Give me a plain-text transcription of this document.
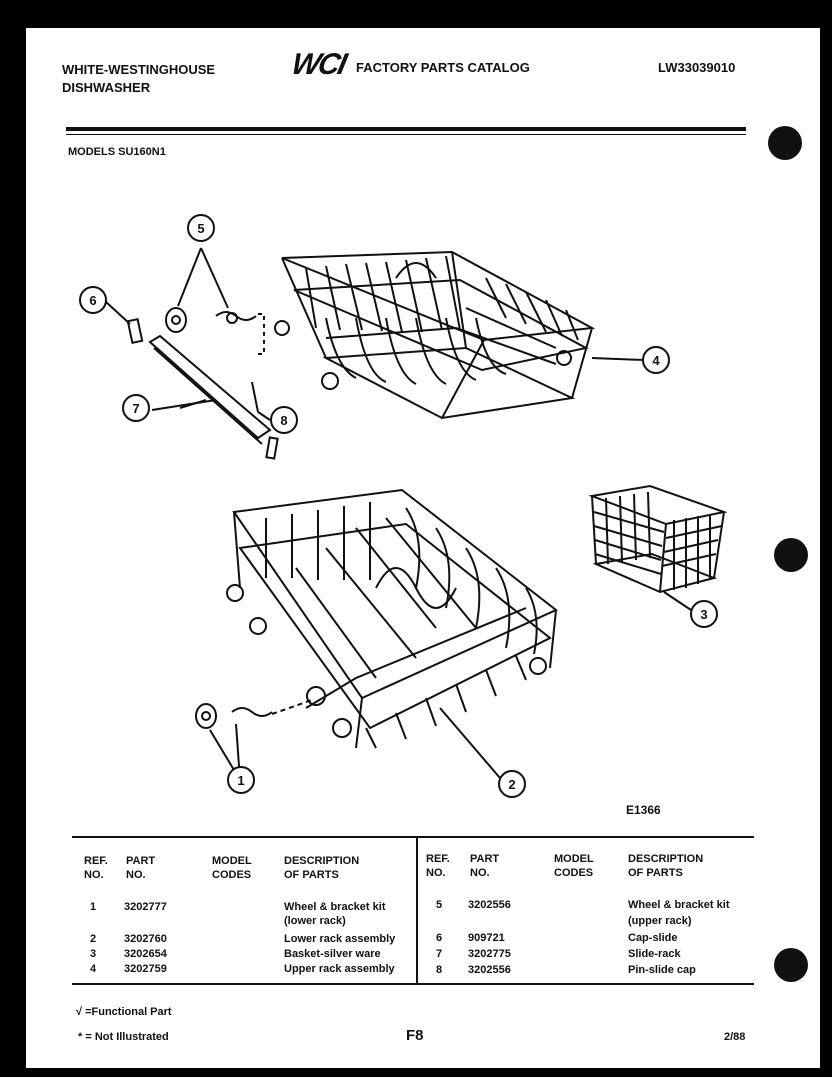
WHITE-WESTINGHOUSE
DISHWASHER
WCI FACTORY PARTS CATALOG	LW33039010
MODELS SU160N1
5
6
4
7
8
3
1	2
E1366
REF.
NO.
PART
NO.
MODEL
CODES
DESCRIPTION
OF PARTS
REF.
NO.
PART
NO.
MODEL
CODES
DESCRIPTION
OF PARTS
1	3202777	Wheel & bracket kit
(lower rack)
2	3202760	Lower rack assembly
3	3202654	Basket-silver ware
4	3202759	Upper rack assembly
5 3202556	Wheel & bracket kit
(upper rack)
6 909721	Cap-slide
7 3202775	Slide-rack
8 3202556	Pin-slide cap
√ =Functional Part
* = Not Illustrated	F8	2/88
